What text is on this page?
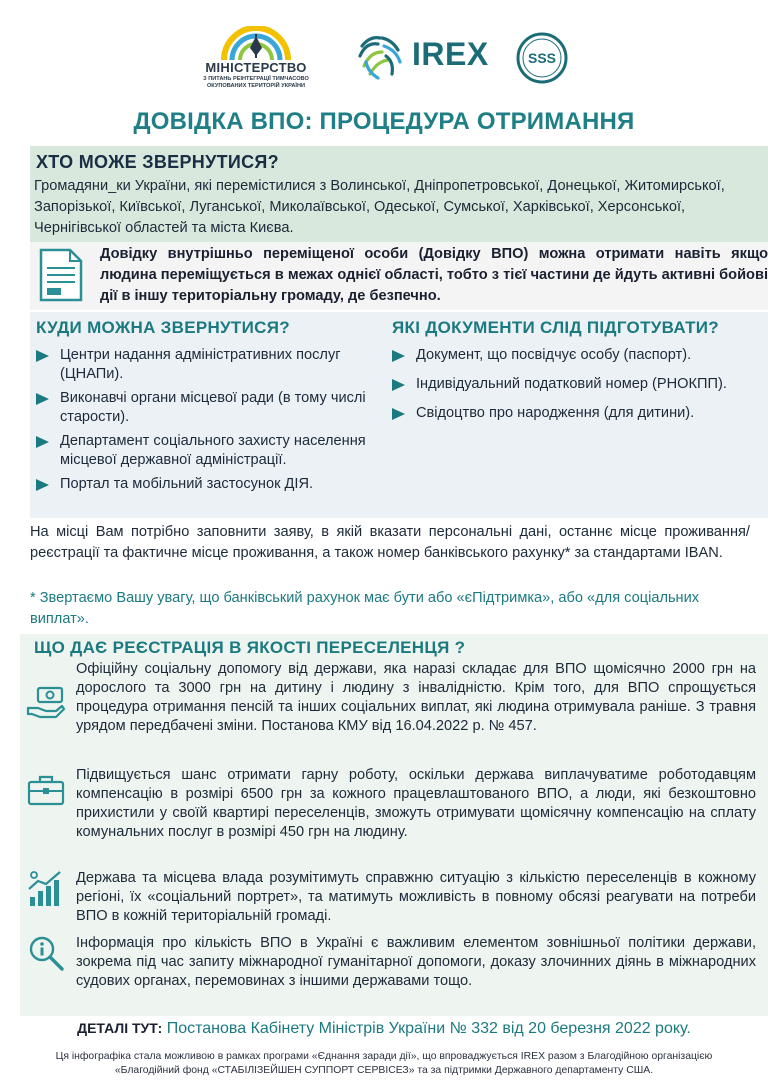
МІНІСТЕРСТВО
З ПИТАНЬ РЕІНТЕГРАЦІЇ ТИМЧАСОВО ОКУПОВАНИХ ТЕРИТОРІЙ УКРАЇНИ
IREX	SSS
ДОВІДКА ВПО: ПРОЦЕДУРА ОТРИМАННЯ
ХТО МОЖЕ ЗВЕРНУТИСЯ?

Громадяни_ки України, які перемістилися з Волинської, Дніпропетровської, Донецької, Житомирської, Запорізької, Київської, Луганської, Миколаївської, Одеської, Сумської, Харківської, Херсонської, Чернігівської областей та міста Києва.

Довідку внутрішньо переміщеної особи (Довідку ВПО) можна отримати навіть якщо людина переміщується в межах однієї області, тобто з тієї частини де йдуть активні бойові дії в іншу територіальну громаду, де безпечно.

КУДИ МОЖНА ЗВЕРНУТИСЯ?
Центри надання адміністративних послуг (ЦНАПи).
Виконавчі органи місцевої ради (в тому числі старости).
Департамент соціального захисту населення місцевої державної адміністрації.
Портал та мобільний застосунок ДІЯ.
ЯКІ ДОКУМЕНТИ СЛІД ПІДГОТУВАТИ?
Документ, що посвідчує особу (паспорт).
Індивідуальний податковий номер (РНОКПП).
Свідоцтво про народження (для дитини).

На місці Вам потрібно заповнити заяву, в якій вказати персональні дані, останнє місце проживання/реєстрації та фактичне місце проживання, а також номер банківського рахунку* за стандартами IBAN.

* Звертаємо Вашу увагу, що банківський рахунок має бути або «єПідтримка», або «для соціальних виплат».

ЩО ДАЄ РЕЄСТРАЦІЯ В ЯКОСТІ ПЕРЕСЕЛЕНЦЯ ?

Офіційну соціальну допомогу від держави, яка наразі складає для ВПО щомісячно 2000 грн на дорослого та 3000 грн на дитину і людину з інвалідністю. Крім того, для ВПО спрощується процедура отримання пенсій та інших соціальних виплат, які людина отримувала раніше. З травня урядом передбачені зміни. Постанова КМУ від 16.04.2022 р. № 457.

Підвищується шанс отримати гарну роботу, оскільки держава виплачуватиме роботодавцям компенсацію в розмірі 6500 грн за кожного працевлаштованого ВПО, а люди, які безкоштовно прихистили у своїй квартирі переселенців, зможуть отримувати щомісячну компенсацію на сплату комунальних послуг в розмірі 450 грн на людину.

Держава та місцева влада розумітимуть справжню ситуацію з кількістю переселенців в кожному регіоні, їх «соціальний портрет», та матимуть можливість в повному обсязі реагувати на потреби ВПО в кожній територіальній громаді.

Інформація про кількість ВПО в Україні є важливим елементом зовнішньої політики держави, зокрема під час запиту міжнародної гуманітарної допомоги, доказу злочинних діянь в міжнародних судових органах, перемовинах з іншими державами тощо.

ДЕТАЛІ ТУТ: Постанова Кабінету Міністрів України № 332 від 20 березня 2022 року.

Ця інфографіка стала можливою в рамках програми «Єднання заради дії», що впроваджується IREX разом з Благодійною організацією «Благодійний фонд «СТАБІЛІЗЕЙШЕН СУППОРТ СЕРВІСЕЗ» та за підтримки Державного департаменту США.
